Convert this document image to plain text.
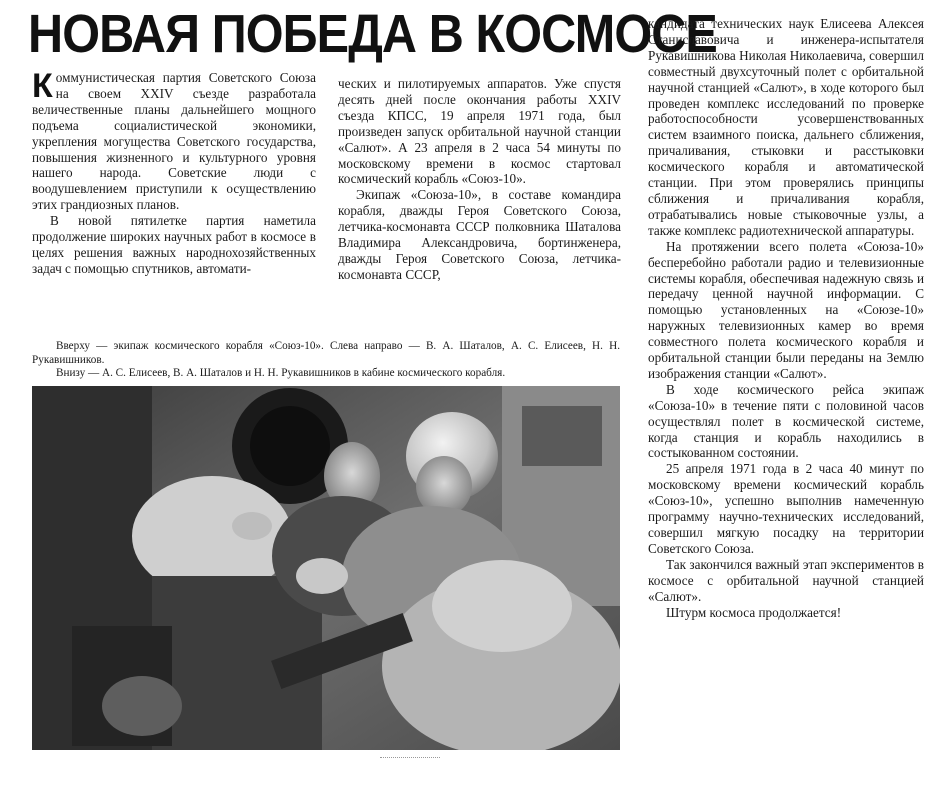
НОВАЯ ПОБЕДА В КОСМОСЕ

Коммунистическая партия Советского Союза на своем XXIV съезде разработала величественные планы дальнейшего мощного подъема социалистической экономики, укрепления могущества Советского государства, повышения жизненного и культурного уровня нашего народа. Советские люди с воодушевлением приступили к осуществлению этих грандиозных планов.

В новой пятилетке партия наметила продолжение широких научных работ в космосе в целях решения важных народнохозяйственных задач с помощью спутников, автомати-

ческих и пилотируемых аппаратов. Уже спустя десять дней после окончания работы XXIV съезда КПСС, 19 апреля 1971 года, был произведен запуск орбитальной научной станции «Салют». А 23 апреля в 2 часа 54 минуты по московскому времени в космос стартовал космический корабль «Союз-10».

Экипаж «Союза-10», в составе командира корабля, дважды Героя Советского Союза, летчика-космонавта СССР полковника Шаталова Владимира Александровича, бортинженера, дважды Героя Советского Союза, летчика-космонавта СССР,

Вверху — экипаж космического корабля «Союз-10». Слева направо — В. А. Шаталов, А. С. Елисеев, Н. Н. Рукавишников.

Внизу — А. С. Елисеев, В. А. Шаталов и Н. Н. Рукавишников в кабине космического корабля.

кандидата технических наук Елисеева Алексея Станиславовича и инженера-испытателя Рукавишникова Николая Николаевича, совершил совместный двухсуточный полет с орбитальной научной станцией «Салют», в ходе которого был проведен комплекс исследований по проверке работоспособности усовершенствованных систем взаимного поиска, дальнего сближения, причаливания, стыковки и расстыковки космического корабля и автоматической станции. При этом проверялись принципы сближения и причаливания корабля, отрабатывались новые стыковочные узлы, а также комплекс радиотехнической аппаратуры.

На протяжении всего полета «Союза-10» бесперебойно работали радио и телевизионные системы корабля, обеспечивая надежную связь и передачу ценной научной информации. С помощью установленных на «Союзе-10» наружных телевизионных камер во время совместного полета космического корабля и орбитальной станции были переданы на Землю изображения станции «Салют».

В ходе космического рейса экипаж «Союза-10» в течение пяти с половиной часов осуществлял полет в космической системе, когда станция и корабль находились в состыкованном состоянии.

25 апреля 1971 года в 2 часа 40 минут по московскому времени космический корабль «Союз-10», успешно выполнив намеченную программу научно-технических исследований, совершил мягкую посадку на территории Советского Союза.

Так закончился важный этап экспериментов в космосе с орбитальной научной станцией «Салют».

Штурм космоса продолжается!
